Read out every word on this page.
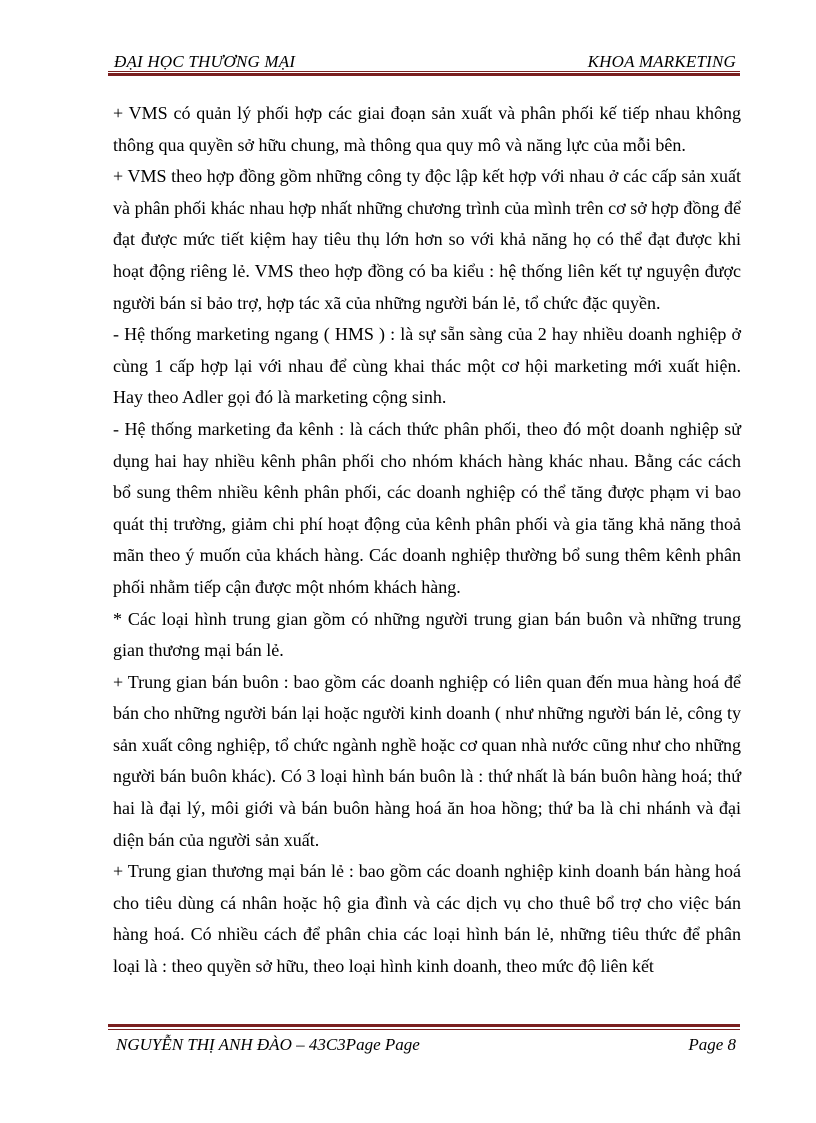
ĐẠI HỌC THƯƠNG MẠI	KHOA MARKETING

+ VMS có quản lý phối hợp các giai đoạn sản xuất và phân phối kế tiếp nhau không thông qua quyền sở hữu chung, mà thông qua quy mô và năng lực của mỗi bên.

+ VMS theo hợp đồng gồm những công ty độc lập kết hợp với nhau ở các cấp sản xuất và phân phối khác nhau hợp nhất những chương trình của mình trên cơ sở hợp đồng để đạt được mức tiết kiệm hay tiêu thụ lớn hơn so với khả năng họ có thể đạt được khi hoạt động riêng lẻ. VMS theo hợp đồng có ba kiểu : hệ thống liên kết tự nguyện được người bán sỉ bảo trợ, hợp tác xã của những người bán lẻ, tổ chức đặc quyền.

- Hệ thống marketing ngang ( HMS ) : là sự sẵn sàng của 2 hay nhiều doanh nghiệp ở cùng 1 cấp hợp lại với nhau để cùng khai thác một cơ hội marketing mới xuất hiện. Hay theo Adler gọi đó là marketing cộng sinh.

- Hệ thống marketing đa kênh : là cách thức phân phối, theo đó một doanh nghiệp sử dụng hai hay nhiều kênh phân phối cho nhóm khách hàng khác nhau. Bằng các cách bổ sung thêm nhiều kênh phân phối, các doanh nghiệp có thể tăng được phạm vi bao quát thị trường, giảm chi phí hoạt động của kênh phân phối và gia tăng khả năng thoả mãn theo ý muốn của khách hàng. Các doanh nghiệp thường bổ sung thêm kênh phân phối nhằm tiếp cận được một nhóm khách hàng.

* Các loại hình trung gian gồm có những người trung gian bán buôn và những trung gian thương mại bán lẻ.

+ Trung gian bán buôn : bao gồm các doanh nghiệp có liên quan đến mua hàng hoá để bán cho những người bán lại hoặc người kinh doanh ( như những người bán lẻ, công ty sản xuất công nghiệp, tổ chức ngành nghề hoặc cơ quan nhà nước cũng như cho những người bán buôn khác). Có 3 loại hình bán buôn là : thứ nhất là bán buôn hàng hoá; thứ hai là đại lý, môi giới và bán buôn hàng hoá ăn hoa hồng; thứ ba là chi nhánh và đại diện bán của người sản xuất.

+ Trung gian thương mại bán lẻ : bao gồm các doanh nghiệp kinh doanh bán hàng hoá cho tiêu dùng cá nhân hoặc hộ gia đình và các dịch vụ cho thuê bổ trợ cho việc bán hàng hoá. Có nhiều cách để phân chia các loại hình bán lẻ, những tiêu thức để phân loại là : theo quyền sở hữu, theo loại hình kinh doanh, theo mức độ liên kết

NGUYỄN THỊ ANH ĐÀO – 43C3Page Page	Page 8
